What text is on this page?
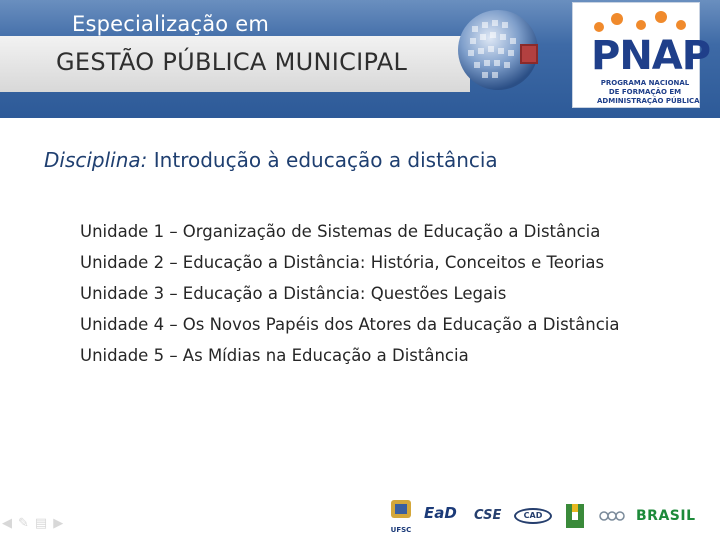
Especialização em
GESTÃO PÚBLICA MUNICIPAL	PNAP
PROGRAMA NACIONAL
DE FORMAÇÃO EM
ADMINISTRAÇÃO PÚBLICA
Disciplina: Introdução à educação a distância
Unidade 1 – Organização de Sistemas de Educação a Distância
Unidade 2 – Educação a Distância: História, Conceitos e Teorias
Unidade 3 – Educação a Distância: Questões Legais
Unidade 4 – Os Novos Papéis dos Atores da Educação a Distância
Unidade 5 – As Mídias na Educação a Distância
◀ ✎ ▤ ▶	UFSC
EaD CSE	CAD	BRASIL
